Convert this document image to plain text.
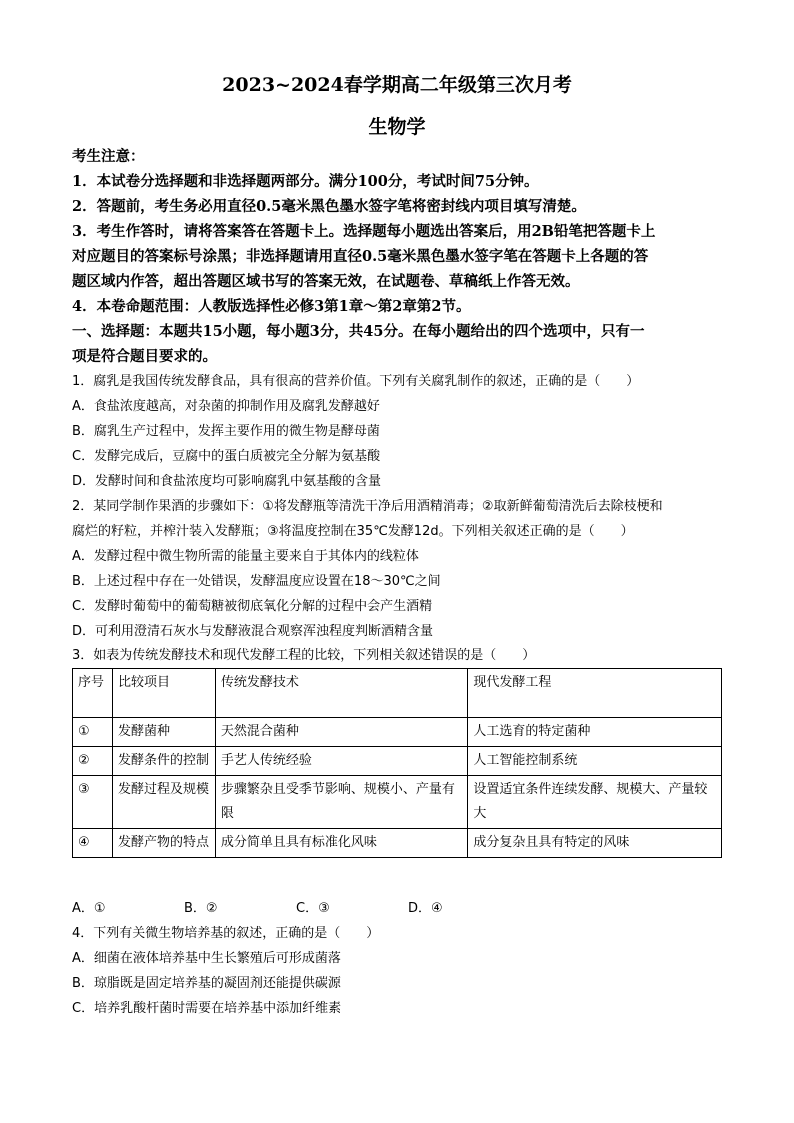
2023~2024春学期高二年级第三次月考
生物学
考生注意：
1．本试卷分选择题和非选择题两部分。满分100分，考试时间75分钟。
2．答题前，考生务必用直径0.5毫米黑色墨水签字笔将密封线内项目填写清楚。
3．考生作答时，请将答案答在答题卡上。选择题每小题选出答案后，用2B铅笔把答题卡上
对应题目的答案标号涂黑；非选择题请用直径0.5毫米黑色墨水签字笔在答题卡上各题的答
题区域内作答，超出答题区域书写的答案无效，在试题卷、草稿纸上作答无效。
4．本卷命题范围：人教版选择性必修3第1章～第2章第2节。
一、选择题：本题共15小题，每小题3分，共45分。在每小题给出的四个选项中，只有一
项是符合题目要求的。
1．腐乳是我国传统发酵食品，具有很高的营养价值。下列有关腐乳制作的叙述，正确的是（　　）
A．食盐浓度越高，对杂菌的抑制作用及腐乳发酵越好
B．腐乳生产过程中，发挥主要作用的微生物是酵母菌
C．发酵完成后，豆腐中的蛋白质被完全分解为氨基酸
D．发酵时间和食盐浓度均可影响腐乳中氨基酸的含量
2．某同学制作果酒的步骤如下：①将发酵瓶等清洗干净后用酒精消毒；②取新鲜葡萄清洗后去除枝梗和
腐烂的籽粒，并榨汁装入发酵瓶；③将温度控制在35℃发酵12d。下列相关叙述正确的是（　　）
A．发酵过程中微生物所需的能量主要来自于其体内的线粒体
B．上述过程中存在一处错误，发酵温度应设置在18～30℃之间
C．发酵时葡萄中的葡萄糖被彻底氧化分解的过程中会产生酒精
D．可利用澄清石灰水与发酵液混合观察浑浊程度判断酒精含量
3．如表为传统发酵技术和现代发酵工程的比较，下列相关叙述错误的是（　　）
序号	比较项目	传统发酵技术	现代发酵工程
①	发酵菌种	天然混合菌种	人工选育的特定菌种
②	发酵条件的控制	手艺人传统经验	人工智能控制系统
③	发酵过程及规模	步骤繁杂且受季节影响、规模小、产量有限	设置适宜条件连续发酵、规模大、产量较大
④	发酵产物的特点	成分简单且具有标准化风味	成分复杂且具有特定的风味
A．①	B．②	C．③	D．④
4．下列有关微生物培养基的叙述，正确的是（　　）
A．细菌在液体培养基中生长繁殖后可形成菌落
B．琼脂既是固定培养基的凝固剂还能提供碳源
C．培养乳酸杆菌时需要在培养基中添加纤维素
